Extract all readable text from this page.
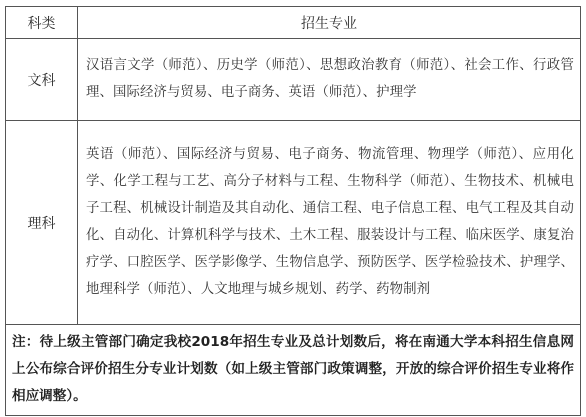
科类	招生专业
文科	汉语言文学（师范）、历史学（师范）、思想政治教育（师范）、社会工作、行政管理、国际经济与贸易、电子商务、英语（师范）、护理学
理科	英语（师范）、国际经济与贸易、电子商务、物流管理、物理学（师范）、应用化学、化学工程与工艺、高分子材料与工程、生物科学（师范）、生物技术、机械电子工程、机械设计制造及其自动化、通信工程、电子信息工程、电气工程及其自动化、自动化、计算机科学与技术、土木工程、服装设计与工程、临床医学、康复治疗学、口腔医学、医学影像学、生物信息学、预防医学、医学检验技术、护理学、地理科学（师范）、人文地理与城乡规划、药学、药物制剂
注：待上级主管部门确定我校2018年招生专业及总计划数后，将在南通大学本科招生信息网上公布综合评价招生分专业计划数（如上级主管部门政策调整，开放的综合评价招生专业将作相应调整）。	
